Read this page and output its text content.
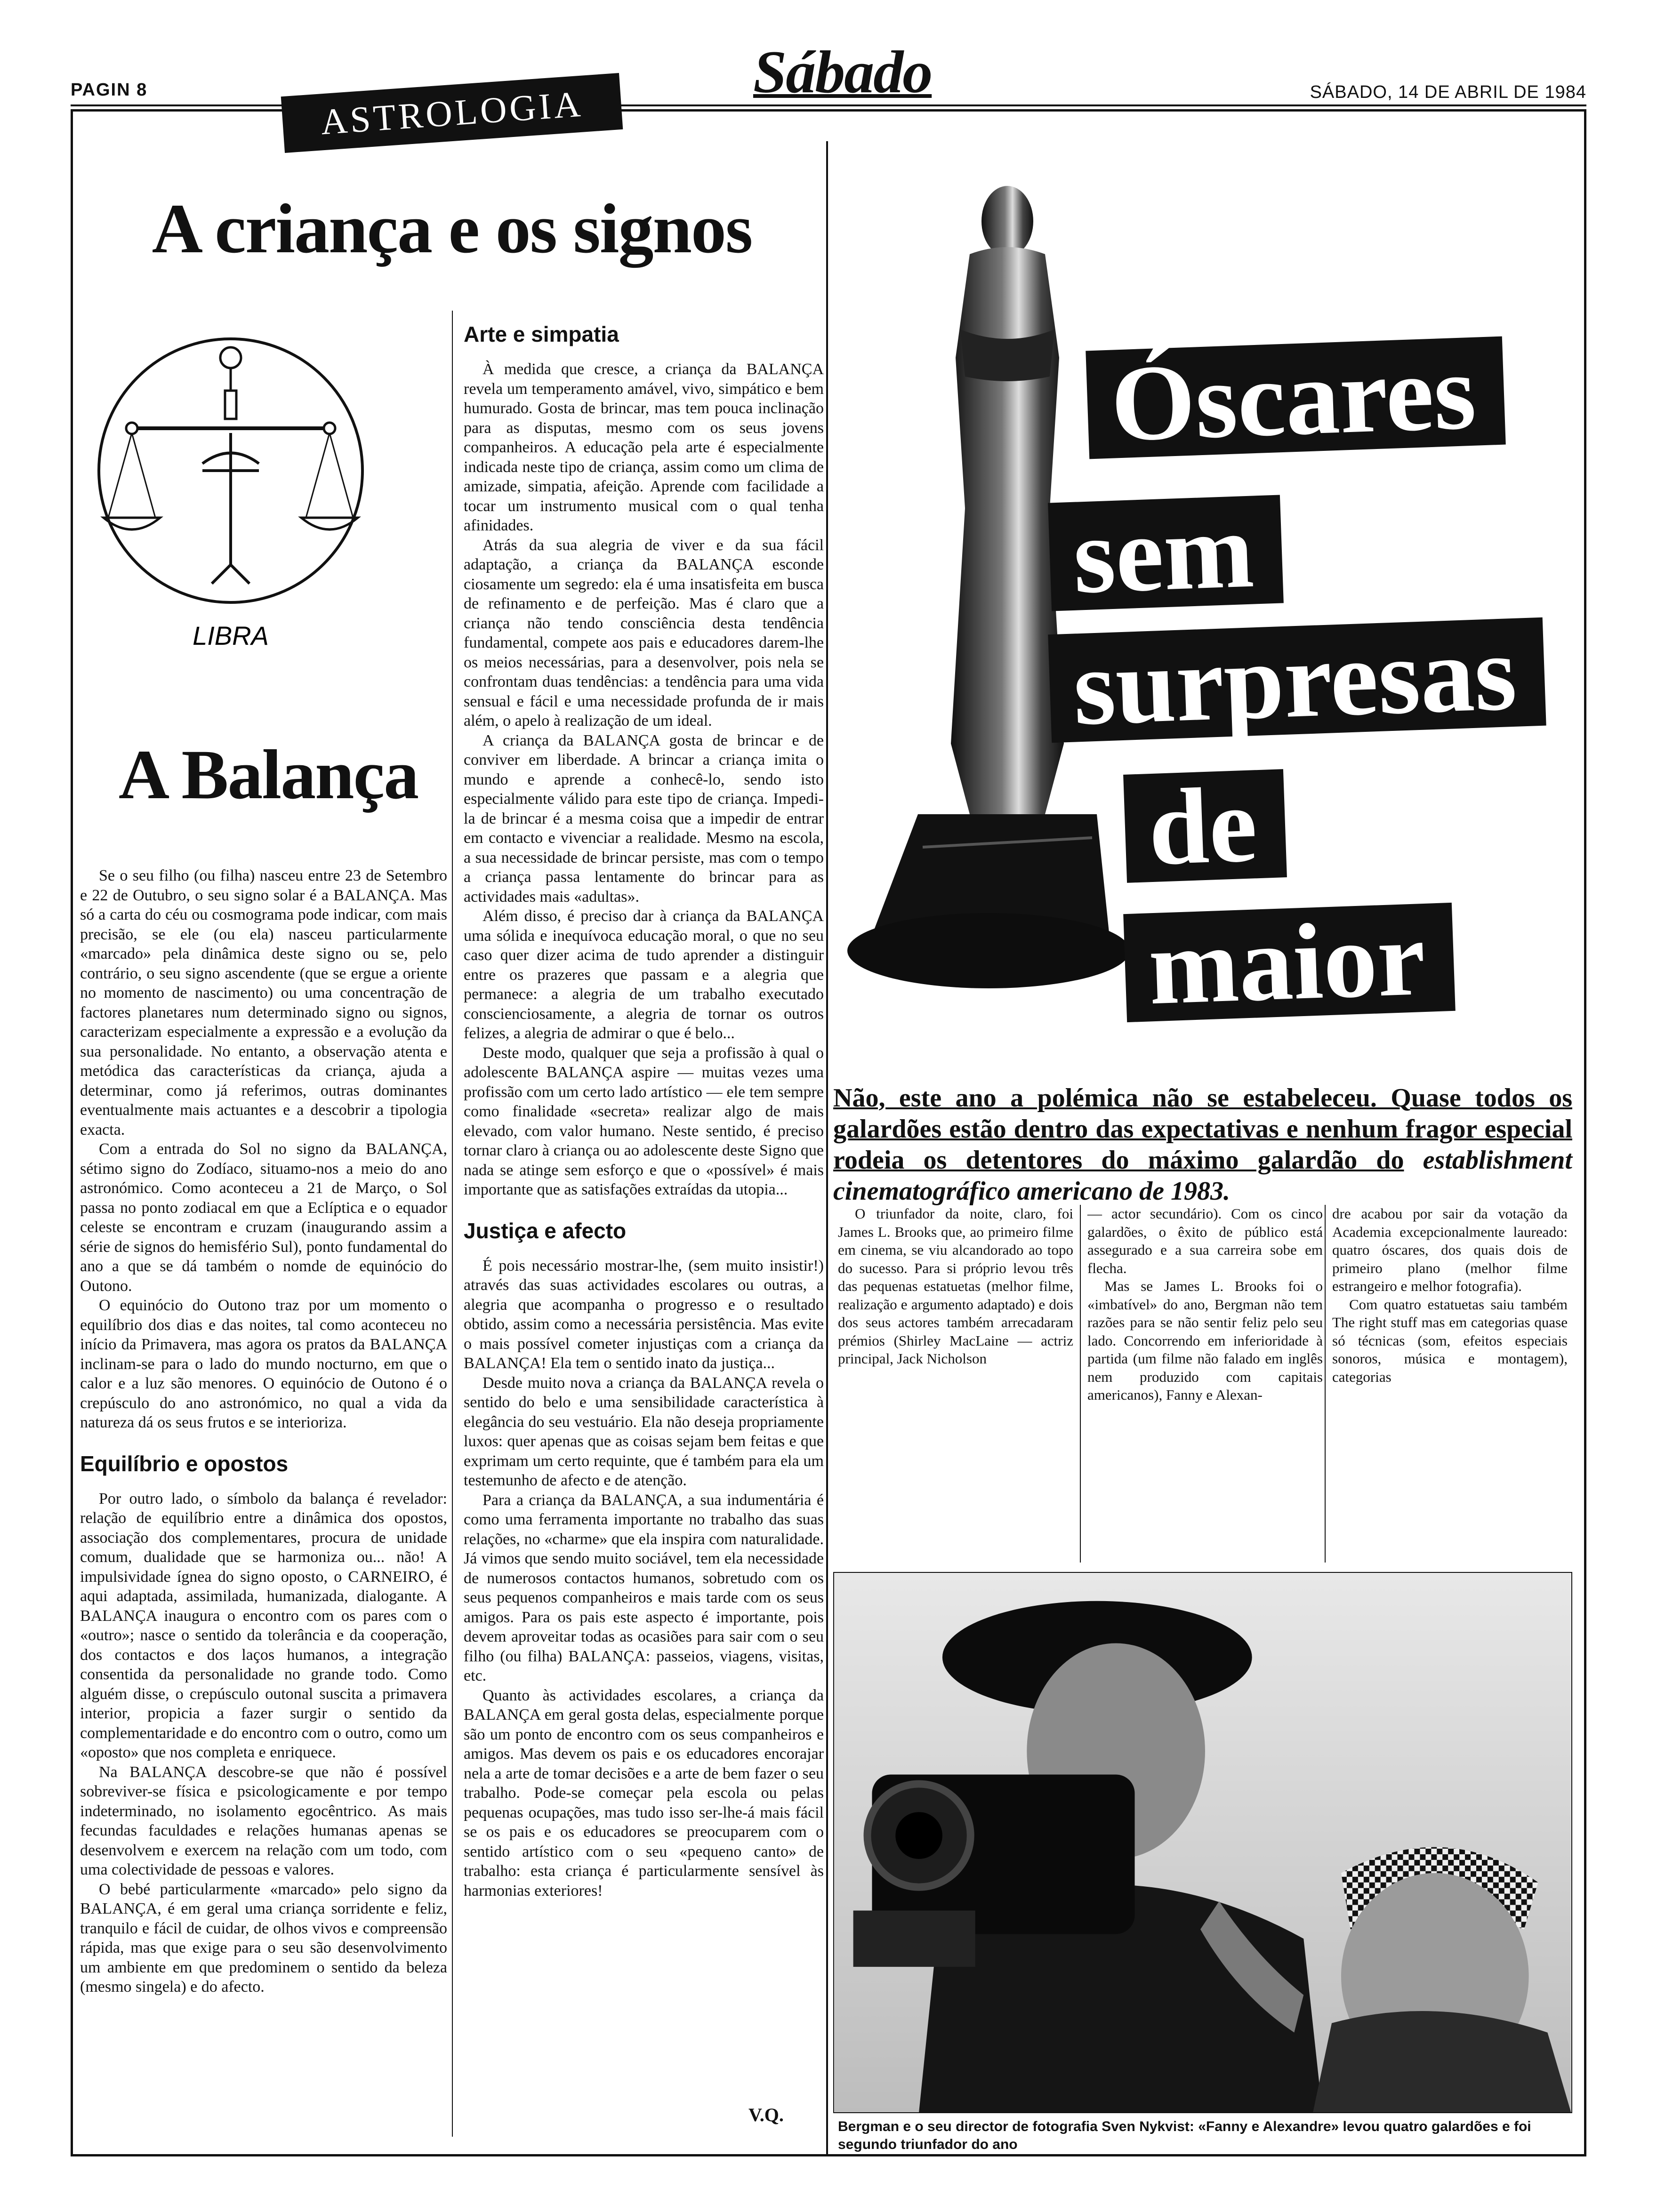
PAGIN 8	Sábado	SÁBADO, 14 DE ABRIL DE 1984
ASTROLOGIA
A criança e os signos
LIBRA
A Balança

Se o seu filho (ou filha) nasceu entre 23 de Setembro e 22 de Outubro, o seu signo solar é a BALANÇA. Mas só a carta do céu ou cosmograma pode indicar, com mais precisão, se ele (ou ela) nasceu particularmente «marcado» pela dinâmica deste signo ou se, pelo contrário, o seu signo ascendente (que se ergue a oriente no momento de nascimento) ou uma concentração de factores planetares num determinado signo ou signos, caracterizam especialmente a expressão e a evolução da sua personalidade. No entanto, a observação atenta e metódica das características da criança, ajuda a determinar, como já referimos, outras dominantes eventualmente mais actuantes e a descobrir a tipologia exacta.

Com a entrada do Sol no signo da BALANÇA, sétimo signo do Zodíaco, situamo-nos a meio do ano astronómico. Como aconteceu a 21 de Março, o Sol passa no ponto zodiacal em que a Eclíptica e o equador celeste se encontram e cruzam (inaugurando assim a série de signos do hemisfério Sul), ponto fundamental do ano a que se dá também o nomde de equinócio do Outono.

O equinócio do Outono traz por um momento o equilíbrio dos dias e das noites, tal como aconteceu no início da Primavera, mas agora os pratos da BALANÇA inclinam-se para o lado do mundo nocturno, em que o calor e a luz são menores. O equinócio de Outono é o crepúsculo do ano astronómico, no qual a vida da natureza dá os seus frutos e se interioriza.

Equilíbrio e opostos

Por outro lado, o símbolo da balança é revelador: relação de equilíbrio entre a dinâmica dos opostos, associação dos complementares, procura de unidade comum, dualidade que se harmoniza ou... não! A impulsividade ígnea do signo oposto, o CARNEIRO, é aqui adaptada, assimilada, humanizada, dialogante. A BALANÇA inaugura o encontro com os pares com o «outro»; nasce o sentido da tolerância e da cooperação, dos contactos e dos laços humanos, a integração consentida da personalidade no grande todo. Como alguém disse, o crepúsculo outonal suscita a primavera interior, propicia a fazer surgir o sentido da complementaridade e do encontro com o outro, como um «oposto» que nos completa e enriquece.

Na BALANÇA descobre-se que não é possível sobreviver-se física e psicologicamente e por tempo indeterminado, no isolamento egocêntrico. As mais fecundas faculdades e relações humanas apenas se desenvolvem e exercem na relação com um todo, com uma colectividade de pessoas e valores.

O bebé particularmente «marcado» pelo signo da BALANÇA, é em geral uma criança sorridente e feliz, tranquilo e fácil de cuidar, de olhos vivos e compreensão rápida, mas que exige para o seu são desenvolvimento um ambiente em que predominem o sentido da beleza (mesmo singela) e do afecto.

Arte e simpatia

À medida que cresce, a criança da BALANÇA revela um temperamento amável, vivo, simpático e bem humurado. Gosta de brincar, mas tem pouca inclinação para as disputas, mesmo com os seus jovens companheiros. A educação pela arte é especialmente indicada neste tipo de criança, assim como um clima de amizade, simpatia, afeição. Aprende com facilidade a tocar um instrumento musical com o qual tenha afinidades.

Atrás da sua alegria de viver e da sua fácil adaptação, a criança da BALANÇA esconde ciosamente um segredo: ela é uma insatisfeita em busca de refinamento e de perfeição. Mas é claro que a criança não tendo consciência desta tendência fundamental, compete aos pais e educadores darem-lhe os meios necessárias, para a desenvolver, pois nela se confrontam duas tendências: a tendência para uma vida sensual e fácil e uma necessidade profunda de ir mais além, o apelo à realização de um ideal.

A criança da BALANÇA gosta de brincar e de conviver em liberdade. A brincar a criança imita o mundo e aprende a conhecê-lo, sendo isto especialmente válido para este tipo de criança. Impedi-la de brincar é a mesma coisa que a impedir de entrar em contacto e vivenciar a realidade. Mesmo na escola, a sua necessidade de brincar persiste, mas com o tempo a criança passa lentamente do brincar para as actividades mais «adultas».

Além disso, é preciso dar à criança da BALANÇA uma sólida e inequívoca educação moral, o que no seu caso quer dizer acima de tudo aprender a distinguir entre os prazeres que passam e a alegria que permanece: a alegria de um trabalho executado conscienciosamente, a alegria de tornar os outros felizes, a alegria de admirar o que é belo...

Deste modo, qualquer que seja a profissão à qual o adolescente BALANÇA aspire — muitas vezes uma profissão com um certo lado artístico — ele tem sempre como finalidade «secreta» realizar algo de mais elevado, com valor humano. Neste sentido, é preciso tornar claro à criança ou ao adolescente deste Signo que nada se atinge sem esforço e que o «possível» é mais importante que as satisfações extraídas da utopia...

Justiça e afecto

É pois necessário mostrar-lhe, (sem muito insistir!) através das suas actividades escolares ou outras, a alegria que acompanha o progresso e o resultado obtido, assim como a necessária persistência. Mas evite o mais possível cometer injustiças com a criança da BALANÇA! Ela tem o sentido inato da justiça...

Desde muito nova a criança da BALANÇA revela o sentido do belo e uma sensibilidade característica à elegância do seu vestuário. Ela não deseja propriamente luxos: quer apenas que as coisas sejam bem feitas e que exprimam um certo requinte, que é também para ela um testemunho de afecto e de atenção.

Para a criança da BALANÇA, a sua indumentária é como uma ferramenta importante no trabalho das suas relações, no «charme» que ela inspira com naturalidade. Já vimos que sendo muito sociável, tem ela necessidade de numerosos contactos humanos, sobretudo com os seus pequenos companheiros e mais tarde com os seus amigos. Para os pais este aspecto é importante, pois devem aproveitar todas as ocasiões para sair com o seu filho (ou filha) BALANÇA: passeios, viagens, visitas, etc.

Quanto às actividades escolares, a criança da BALANÇA em geral gosta delas, especialmente porque são um ponto de encontro com os seus companheiros e amigos. Mas devem os pais e os educadores encorajar nela a arte de tomar decisões e a arte de bem fazer o seu trabalho. Pode-se começar pela escola ou pelas pequenas ocupações, mas tudo isso ser-lhe-á mais fácil se os pais e os educadores se preocuparem com o sentido artístico com o seu «pequeno canto» de trabalho: esta criança é particularmente sensível às harmonias exteriores!

V.Q.
Óscares
sem
surpresas
de
maior
Não, este ano a polémica não se estabeleceu. Quase todos os galardões estão dentro das expectativas e nenhum fragor especial rodeia os detentores do máximo galardão do establishment cinematográfico americano de 1983.

O triunfador da noite, claro, foi James L. Brooks que, ao primeiro filme em cinema, se viu alcandorado ao topo do sucesso. Para si próprio levou três das pequenas estatuetas (melhor filme, realização e argumento adaptado) e dois dos seus actores também arrecadaram prémios (Shirley MacLaine — actriz principal, Jack Nicholson

— actor secundário). Com os cinco galardões, o êxito de público está assegurado e a sua carreira sobe em flecha.

Mas se James L. Brooks foi o «imbatível» do ano, Bergman não tem razões para se não sentir feliz pelo seu lado. Concorrendo em inferioridade à partida (um filme não falado em inglês nem produzido com capitais americanos), Fanny e Alexan-

dre acabou por sair da votação da Academia excepcionalmente laureado: quatro óscares, dos quais dois de primeiro plano (melhor filme estrangeiro e melhor fotografia).

Com quatro estatuetas saiu também The right stuff mas em categorias quase só técnicas (som, efeitos especiais sonoros, música e montagem), categorias

Bergman e o seu director de fotografia Sven Nykvist: «Fanny e Alexandre» levou quatro galardões e foi segundo triunfador do ano
